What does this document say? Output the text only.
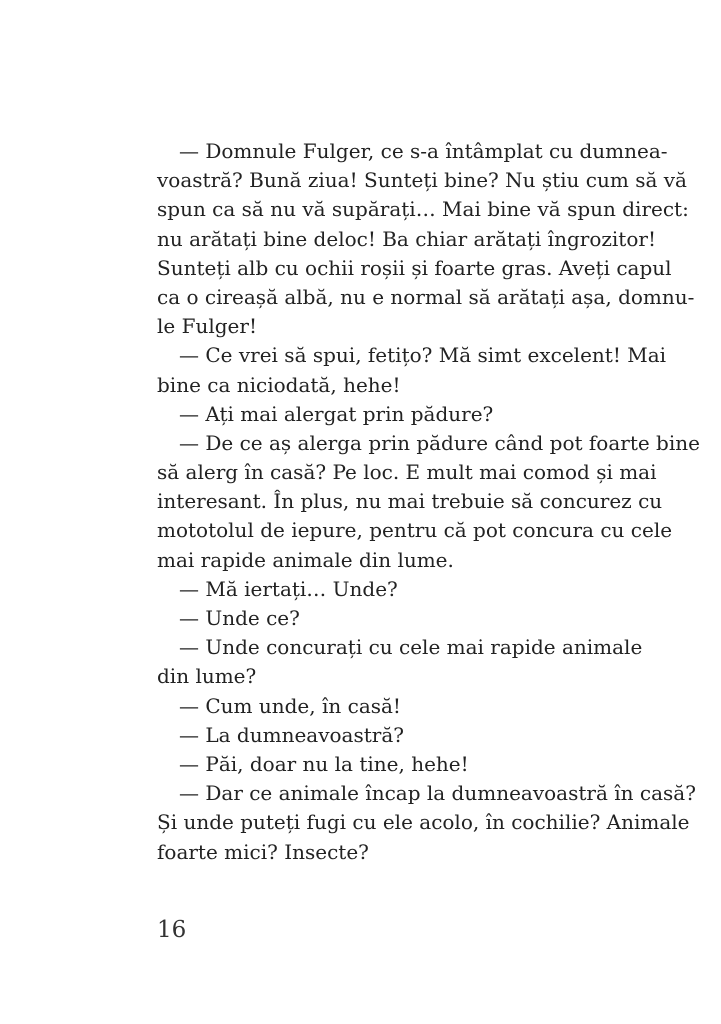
— Domnule Fulger, ce s-a întâmplat cu dumnea-
voastră? Bună ziua! Sunteți bine? Nu știu cum să vă
spun ca să nu vă supărați… Mai bine vă spun direct:
nu arătați bine deloc! Ba chiar arătați îngrozitor!
Sunteți alb cu ochii roșii și foarte gras. Aveți capul
ca o cireașă albă, nu e normal să arătați așa, domnu-
le Fulger!
— Ce vrei să spui, fetițo? Mă simt excelent! Mai
bine ca niciodată, hehe!
— Ați mai alergat prin pădure?
— De ce aș alerga prin pădure când pot foarte bine
să alerg în casă? Pe loc. E mult mai comod și mai
interesant. În plus, nu mai trebuie să concurez cu
mototolul de iepure, pentru că pot concura cu cele
mai rapide animale din lume.
— Mă iertați… Unde?
— Unde ce?
— Unde concurați cu cele mai rapide animale
din lume?
— Cum unde, în casă!
— La dumneavoastră?
— Păi, doar nu la tine, hehe!
— Dar ce animale încap la dumneavoastră în casă?
Și unde puteți fugi cu ele acolo, în cochilie? Animale
foarte mici? Insecte?
16
